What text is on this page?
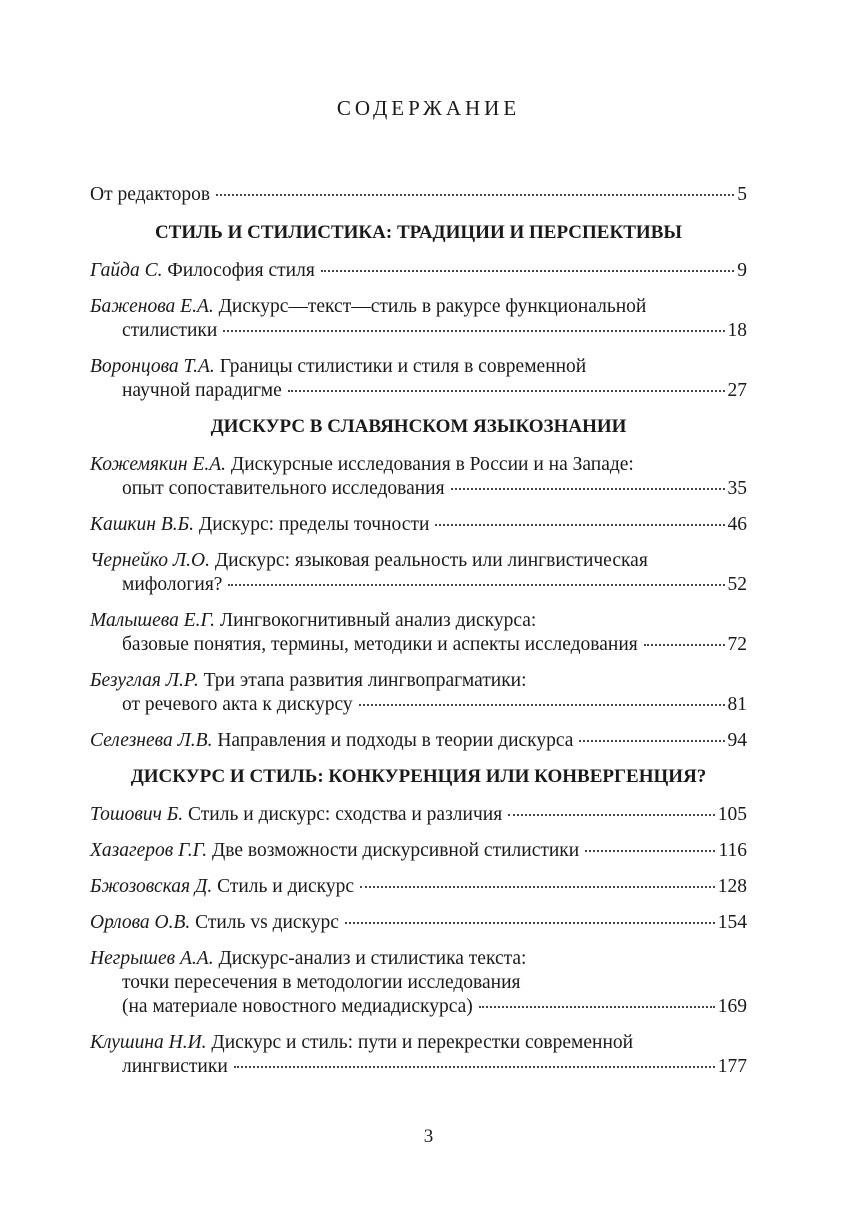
СОДЕРЖАНИЕ
От редакторов	5
СТИЛЬ И СТИЛИСТИКА: ТРАДИЦИИ И ПЕРСПЕКТИВЫ
Гайда С. Философия стиля	9
Баженова Е.А. Дискурс—текст—стиль в ракурсе функциональной
стилистики	18
Воронцова Т.А. Границы стилистики и стиля в современной
научной парадигме	27
ДИСКУРС В СЛАВЯНСКОМ ЯЗЫКОЗНАНИИ
Кожемякин Е.А. Дискурсные исследования в России и на Западе:
опыт сопоставительного исследования	35
Кашкин В.Б. Дискурс: пределы точности	46
Чернейко Л.О. Дискурс: языковая реальность или лингвистическая
мифология?	52
Малышева Е.Г. Лингвокогнитивный анализ дискурса:
базовые понятия, термины, методики и аспекты исследования	72
Безуглая Л.Р. Три этапа развития лингвопрагматики:
от речевого акта к дискурсу	81
Селезнева Л.В. Направления и подходы в теории дискурса	94
ДИСКУРС И СТИЛЬ: КОНКУРЕНЦИЯ ИЛИ КОНВЕРГЕНЦИЯ?
Тошович Б. Стиль и дискурс: сходства и различия	105
Хазагеров Г.Г. Две возможности дискурсивной стилистики	116
Бжозовская Д. Стиль и дискурс	128
Орлова О.В. Стиль vs дискурс	154
Негрышев А.А. Дискурс-анализ и стилистика текста:
точки пересечения в методологии исследования
(на материале новостного медиадискурса)	169
Клушина Н.И. Дискурс и стиль: пути и перекрестки современной
лингвистики	177
3
